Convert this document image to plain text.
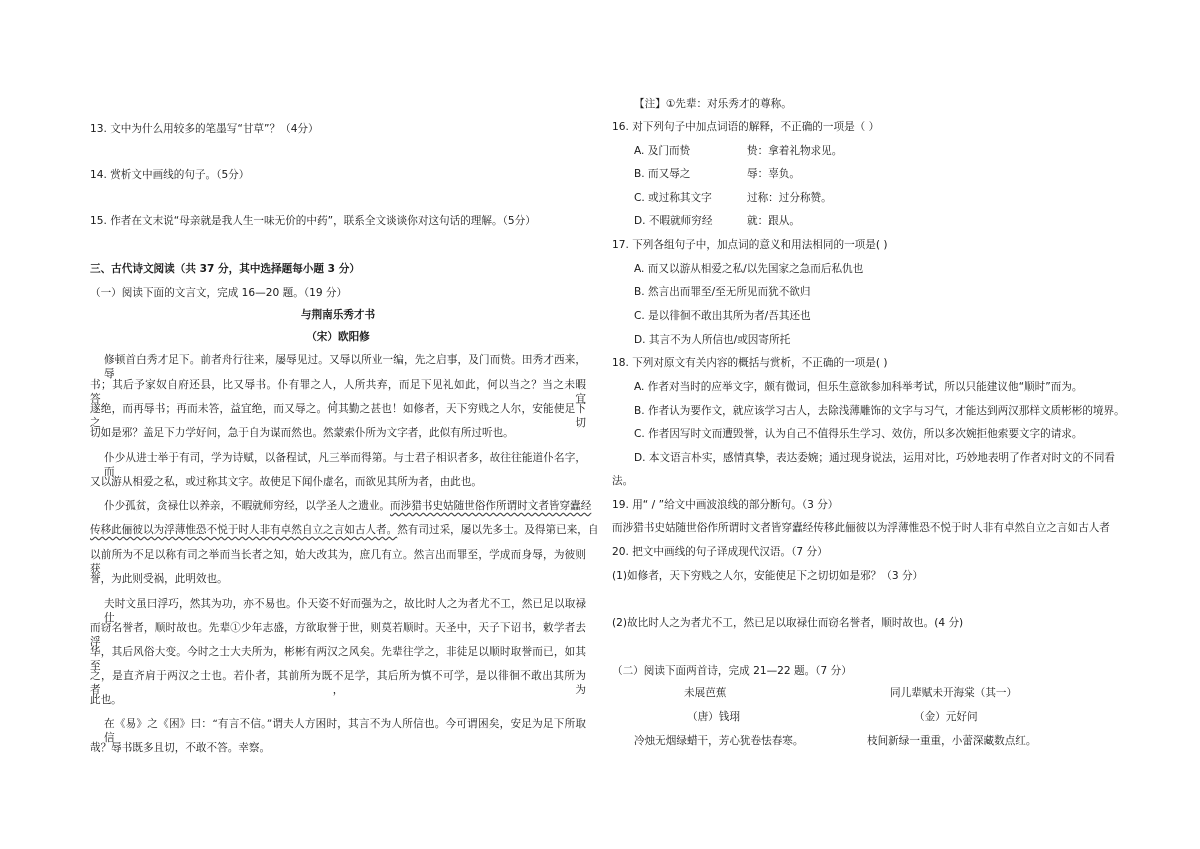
13. 文中为什么用较多的笔墨写“甘草”？（4分）
14. 赏析文中画线的句子。（5分）
15. 作者在文末说“母亲就是我人生一味无价的中药”，联系全文谈谈你对这句话的理解。（5分）
三、古代诗文阅读（共 37 分，其中选择题每小题 3 分）
（一）阅读下面的文言文，完成 16—20 题。（19 分）
与荆南乐秀才书
（宋）欧阳修
修顿首白秀才足下。前者舟行往来，屡辱见过。又辱以所业一编，先之启事，及门而贽。田秀才西来，辱
书；其后予家奴自府还县，比又辱书。仆有罪之人，人所共弃，而足下见礼如此，何以当之？当之未暇答，宜
遂绝，而再辱书；再而未答，益宜绝，而又辱之。何其勤之甚也！如修者，天下穷贱之人尔，安能使足下之切
切如是邪？盖足下力学好问，急于自为谋而然也。然蒙索仆所为文字者，此似有所过听也。
仆少从进士举于有司，学为诗赋，以备程试，凡三举而得第。与士君子相识者多，故往往能道仆名字，而
又以游从相爱之私，或过称其文字。故使足下闻仆虚名，而欲见其所为者，由此也。
仆少孤贫，贪禄仕以养亲，不暇就师穷经，以学圣人之遗业。而涉猎书史姑随世俗作所谓时文者皆穿蠹经
传移此俪彼以为浮薄惟恐不悦于时人非有卓然自立之言如古人者。然有司过采，屡以先多士。及得第已来，自
以前所为不足以称有司之举而当长者之知，始大改其为，庶几有立。然言出而罪至，学成而身辱，为彼则获
誉，为此则受祸，此明效也。
夫时文虽曰浮巧，然其为功，亦不易也。仆天姿不好而强为之，故比时人之为者尤不工，然已足以取禄仕
而窃名誉者，顺时故也。先辈①少年志盛，方欲取誉于世，则莫若顺时。天圣中，天子下诏书，敕学者去浮
华，其后风俗大变。今时之士大夫所为，彬彬有两汉之风矣。先辈往学之，非徒足以顺时取誉而已，如其至
之，是直齐肩于两汉之士也。若仆者，其前所为既不足学，其后所为慎不可学，是以徘徊不敢出其所为者，为
此也。
在《易》之《困》曰：“有言不信。”谓夫人方困时，其言不为人所信也。今可谓困矣，安足为足下所取信
哉？辱书既多且切，不敢不答。幸察。
【注】①先辈：对乐秀才的尊称。
16. 对下列句子中加点词语的解释，不正确的一项是（ ）
A. 及门而贽	贽：拿着礼物求见。
B. 而又辱之	辱：辜负。
C. 或过称其文字	过称：过分称赞。
D. 不暇就师穷经	就：跟从。
17. 下列各组句子中，加点词的意义和用法相同的一项是( )
A. 而又以游从相爱之私/以先国家之急而后私仇也
B. 然言出而罪至/至无所见而犹不欲归
C. 是以徘徊不敢出其所为者/吾其还也
D. 其言不为人所信也/或因寄所托
18. 下列对原文有关内容的概括与赏析，不正确的一项是( )
A. 作者对当时的应举文字，颇有微词，但乐生意欲参加科举考试，所以只能建议他“顺时”而为。
B. 作者认为要作文，就应该学习古人，去除浅薄雕饰的文字与习气，才能达到两汉那样文质彬彬的境界。
C. 作者因写时文而遭毁誉，认为自己不值得乐生学习、效仿，所以多次婉拒他索要文字的请求。
D. 本文语言朴实，感情真挚，表达委婉；通过现身说法，运用对比，巧妙地表明了作者对时文的不同看
法。
19. 用“ / ”给文中画波浪线的部分断句。（3 分）
而涉猎书史姑随世俗作所谓时文者皆穿蠹经传移此俪彼以为浮薄惟恐不悦于时人非有卓然自立之言如古人者
20. 把文中画线的句子译成现代汉语。（7 分）
(1)如修者，天下穷贱之人尔，安能使足下之切切如是邪？（3 分）
(2)故比时人之为者尤不工，然已足以取禄仕而窃名誉者，顺时故也。(4 分)
（二）阅读下面两首诗，完成 21—22 题。（7 分）
未展芭蕉
（唐）钱珝
冷烛无烟绿蜡干，芳心犹卷怯春寒。
同儿辈赋未开海棠（其一）
（金）元好问
枝间新绿一重重，小蕾深藏数点红。
